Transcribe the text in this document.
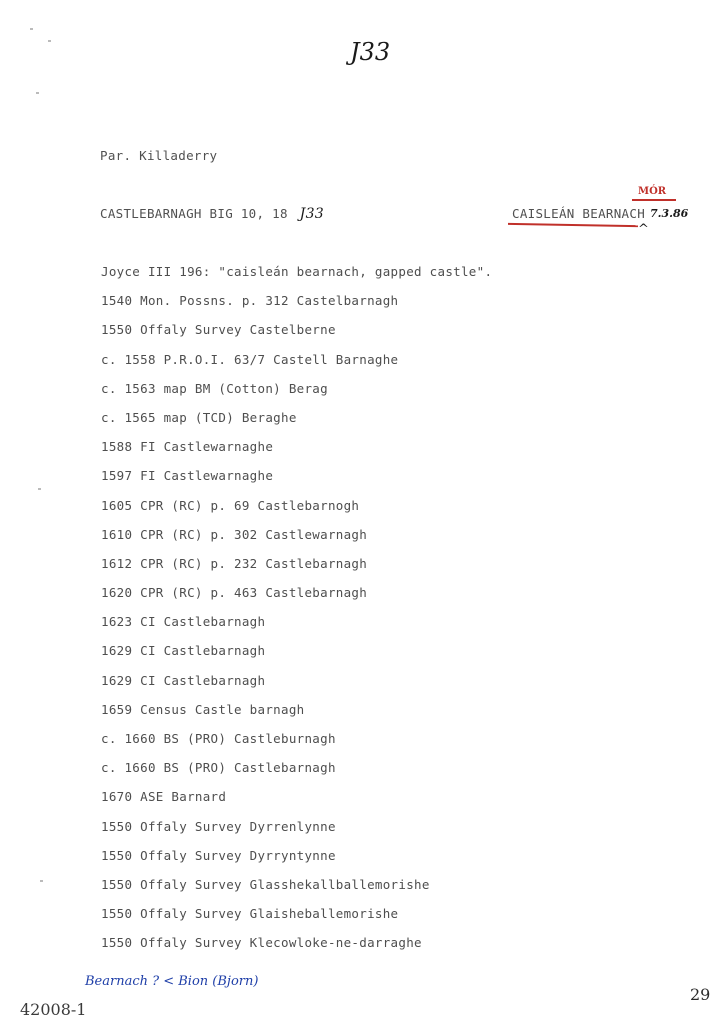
J33
Par. Killaderry
CASTLEBARNAGH BIG 10, 18 J33
MÓR
CAISLEÁN BEARNACH 7.3.86
^
Joyce III 196: "caisleán bearnach, gapped castle".
1540 Mon. Possns. p. 312 Castelbarnagh
1550 Offaly Survey Castelberne
c. 1558 P.R.O.I. 63/7 Castell Barnaghe
c. 1563 map BM (Cotton) Berag
c. 1565 map (TCD) Beraghe
1588 FI Castlewarnaghe
1597 FI Castlewarnaghe
1605 CPR (RC) p. 69 Castlebarnogh
1610 CPR (RC) p. 302 Castlewarnagh
1612 CPR (RC) p. 232 Castlebarnagh
1620 CPR (RC) p. 463 Castlebarnagh
1623 CI Castlebarnagh
1629 CI Castlebarnagh
1629 CI Castlebarnagh
1659 Census Castle barnagh
c. 1660 BS (PRO) Castleburnagh
c. 1660 BS (PRO) Castlebarnagh
1670 ASE Barnard
1550 Offaly Survey Dyrrenlynne
1550 Offaly Survey Dyrryntynne
1550 Offaly Survey Glasshekallballemorishe
1550 Offaly Survey Glaisheballemorishe
1550 Offaly Survey Klecowloke-ne-darraghe
Bearnach ? < Bion (Bjorn)
42008-1
29
